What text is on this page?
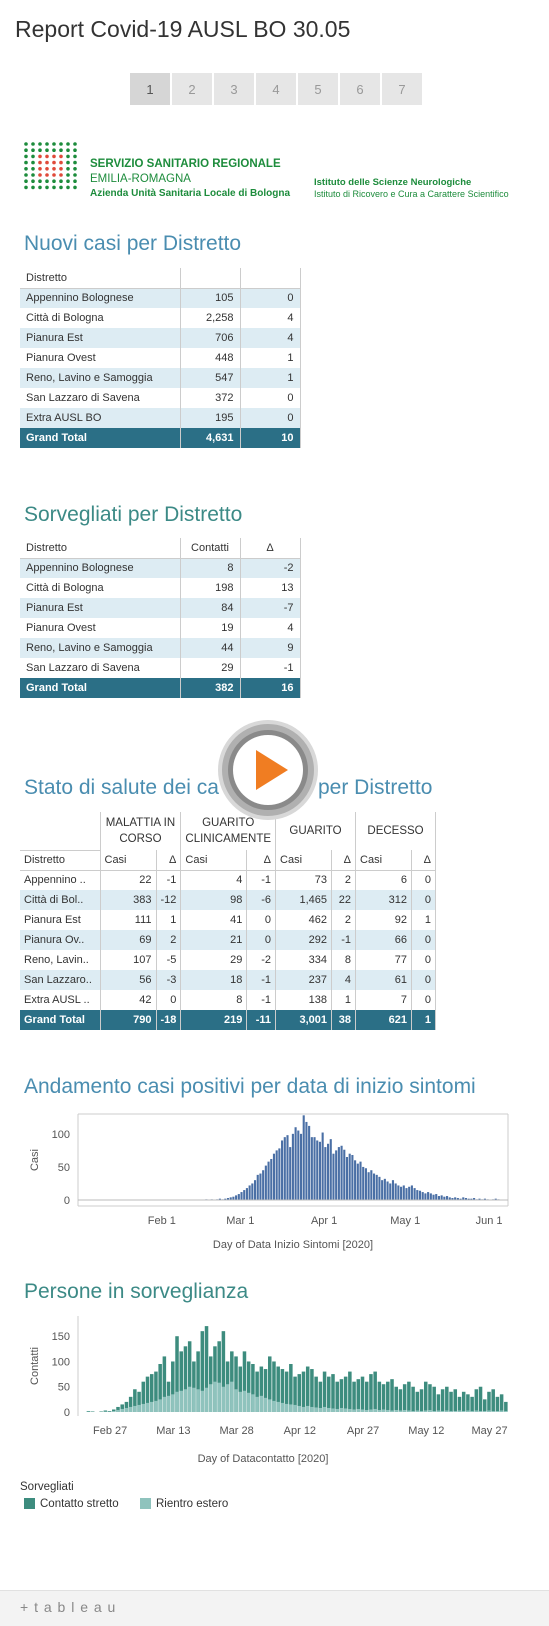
Report Covid-19 AUSL BO 30.05
1	2	3	4	5	6	7
SERVIZIO SANITARIO REGIONALE
EMILIA-ROMAGNA
Azienda Unità Sanitaria Locale di Bologna
Istituto delle Scienze Neurologiche
Istituto di Ricovero e Cura a Carattere Scientifico
Nuovi casi per Distretto
Distretto		
Appennino Bolognese	105	0
Città di Bologna	2,258	4
Pianura Est	706	4
Pianura Ovest	448	1
Reno, Lavino e Samoggia	547	1
San Lazzaro di Savena	372	0
Extra AUSL BO	195	0
Grand Total	4,631	10
Sorvegliati per Distretto
Distretto	Contatti	Δ
Appennino Bolognese	8	-2
Città di Bologna	198	13
Pianura Est	84	-7
Pianura Ovest	19	4
Reno, Lavino e Samoggia	44	9
San Lazzaro di Savena	29	-1
Grand Total	382	16
Stato di salute dei ca	per Distretto
	MALATTIA IN CORSO		GUARITO CLINICAMENTE		GUARITO		DECESSO	
Distretto	Casi	Δ	Casi	Δ	Casi	Δ	Casi	Δ
Appennino ..	22	-1	4	-1	73	2	6	0
Città di Bol..	383	-12	98	-6	1,465	22	312	0
Pianura Est	111	1	41	0	462	2	92	1
Pianura Ov..	69	2	21	0	292	-1	66	0
Reno, Lavin..	107	-5	29	-2	334	8	77	0
San Lazzaro..	56	-3	18	-1	237	4	61	0
Extra AUSL ..	42	0	8	-1	138	1	7	0
Grand Total	790	-18	219	-11	3,001	38	621	1
Andamento casi positivi per data di inizio sintomi
0
50
100
Feb 1	Mar 1	Apr 1	May 1	Jun 1
Casi
Day of Data Inizio Sintomi [2020]
Persone in sorveglianza
0
50
100
150
Feb 27	Mar 13	Mar 28	Apr 12	Apr 27	May 12 May 27
Contatti
Day of Datacontatto [2020]
Sorvegliati
Contatto stretto	Rientro estero
+ t a b l e a u
